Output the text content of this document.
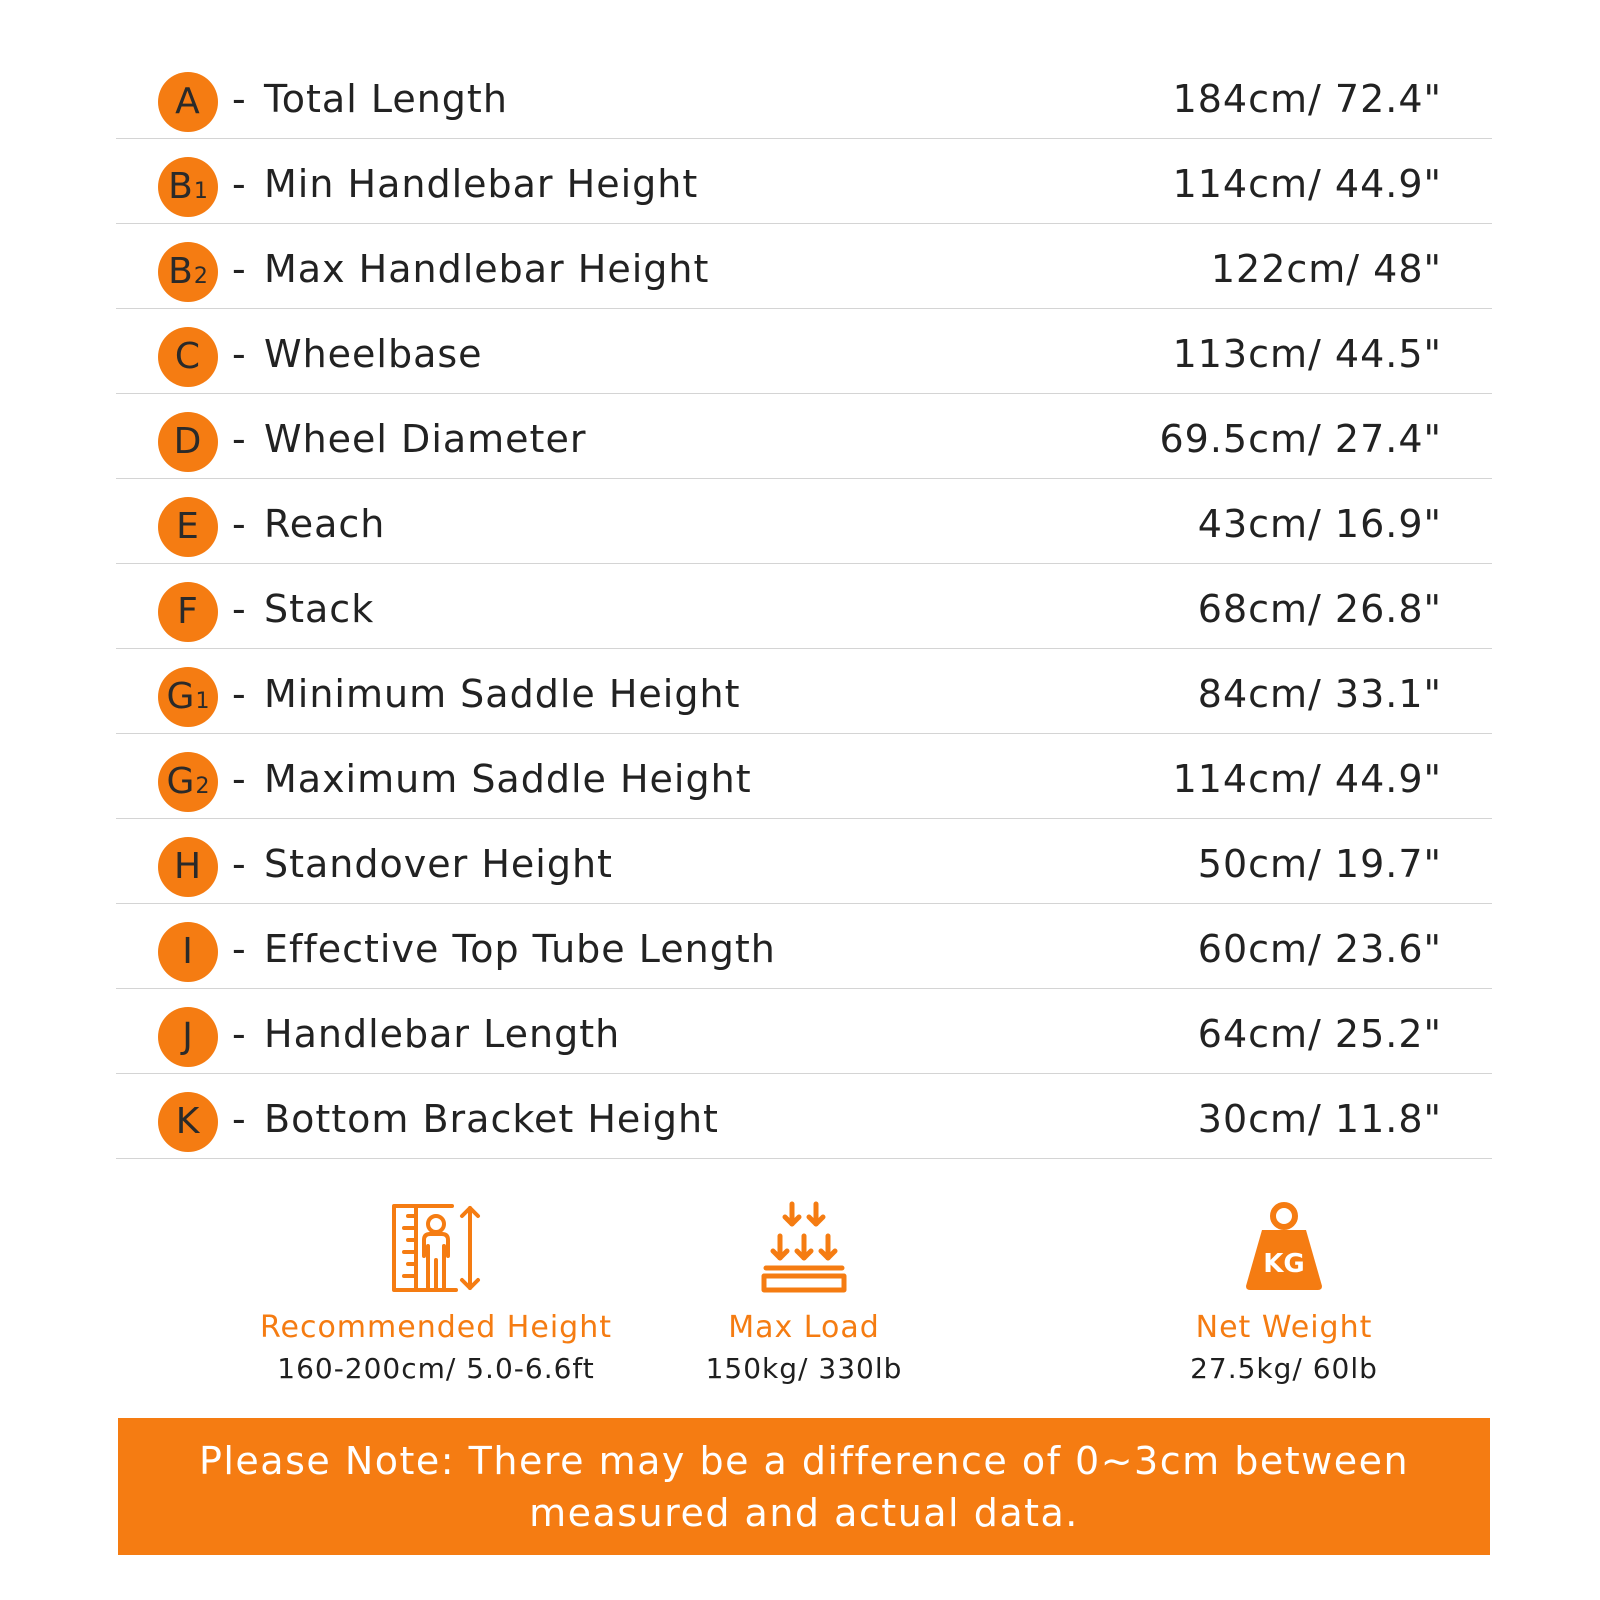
A - Total Length	184cm/ 72.4"
B 1 - Min Handlebar Height	114cm/ 44.9"
B 2 - Max Handlebar Height	122cm/ 48"
C - Wheelbase	113cm/ 44.5"
D - Wheel Diameter	69.5cm/ 27.4"
E - Reach	43cm/ 16.9"
F - Stack	68cm/ 26.8"
G 1 - Minimum Saddle Height	84cm/ 33.1"
G 2 - Maximum Saddle Height	114cm/ 44.9"
H - Standover Height	50cm/ 19.7"
I - Effective Top Tube Length	60cm/ 23.6"
J - Handlebar Length	64cm/ 25.2"
K - Bottom Bracket Height	30cm/ 11.8"
Recommended Height
160-200cm/ 5.0-6.6ft
Max Load
150kg/ 330lb
KG
Net Weight
27.5kg/ 60lb
Please Note: There may be a difference of 0~3cm between measured and actual data.
